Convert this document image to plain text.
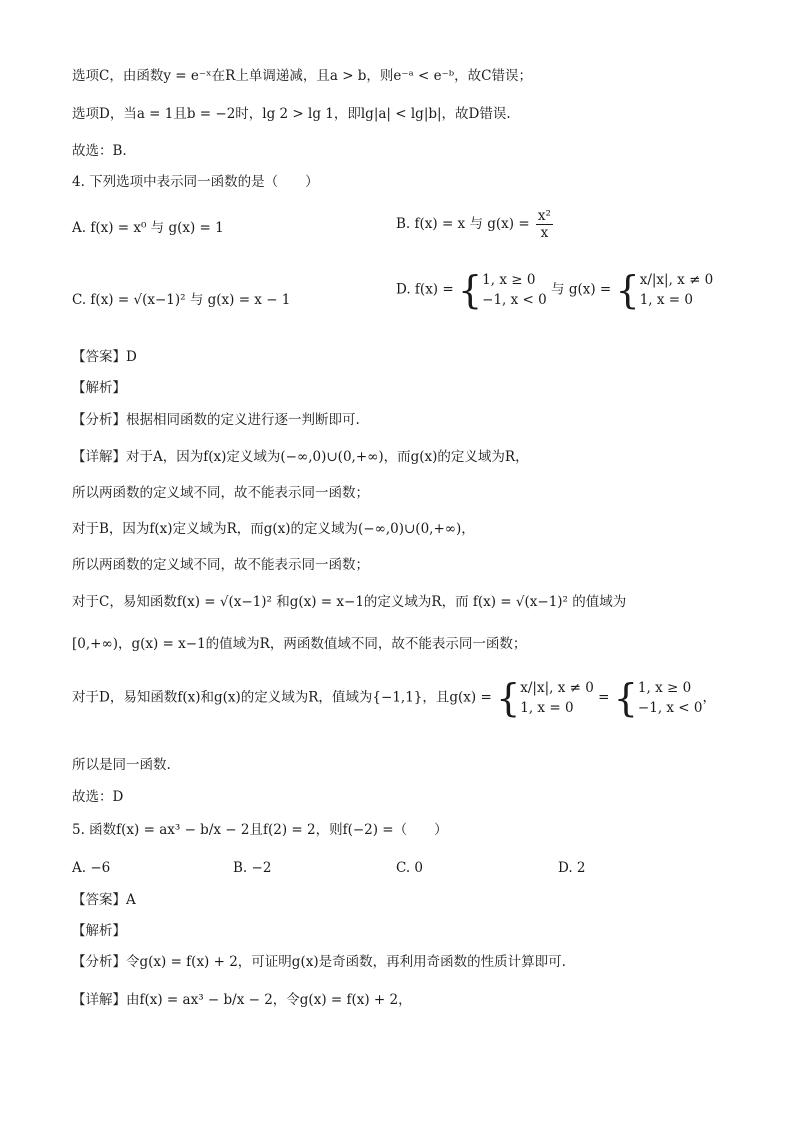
选项C，由函数y = e⁻ˣ在R上单调递减，且a > b，则e⁻ᵃ < e⁻ᵇ，故C错误；
选项D，当a = 1且b = −2时，lg 2 > lg 1，即lg|a| < lg|b|，故D错误.
故选：B.
4. 下列选项中表示同一函数的是（　　）
A. f(x) = x⁰ 与 g(x) = 1	B. f(x) = x 与 $g(x) = \frac{\text{x²}}{x}$
C. f(x) = √(x−1)² 与 g(x) = x − 1
D. f(x) = { 1, x ≥ 0
−1, x < 0
与 g(x) = { x/|x|, x ≠ 0
1, x = 0
【答案】D
【解析】
【分析】根据相同函数的定义进行逐一判断即可.
【详解】对于A，因为f(x)定义域为(−∞,0)∪(0,+∞)，而g(x)的定义域为R，
所以两函数的定义域不同，故不能表示同一函数；
对于B，因为f(x)定义域为R，而g(x)的定义域为(−∞,0)∪(0,+∞)，
所以两函数的定义域不同，故不能表示同一函数；
对于C，易知函数f(x) = √(x−1)² 和g(x) = x−1的定义域为R，而 f(x) = √(x−1)² 的值域为
[0,+∞)，g(x) = x−1的值域为R，两函数值域不同，故不能表示同一函数；
对于D，易知函数f(x)和g(x)的定义域为R，值域为{−1,1}，且g(x) = { x/|x|, x ≠ 0
1, x = 0
= { 1, x ≥ 0
−1, x < 0
，
所以是同一函数.
故选：D
5. 函数f(x) = ax³ − b/x − 2且f(2) = 2，则f(−2) =（　　）
A. −6	B. −2	C. 0	D. 2
【答案】A
【解析】
【分析】令g(x) = f(x) + 2，可证明g(x)是奇函数，再利用奇函数的性质计算即可.
【详解】由f(x) = ax³ − b/x − 2，令g(x) = f(x) + 2，
